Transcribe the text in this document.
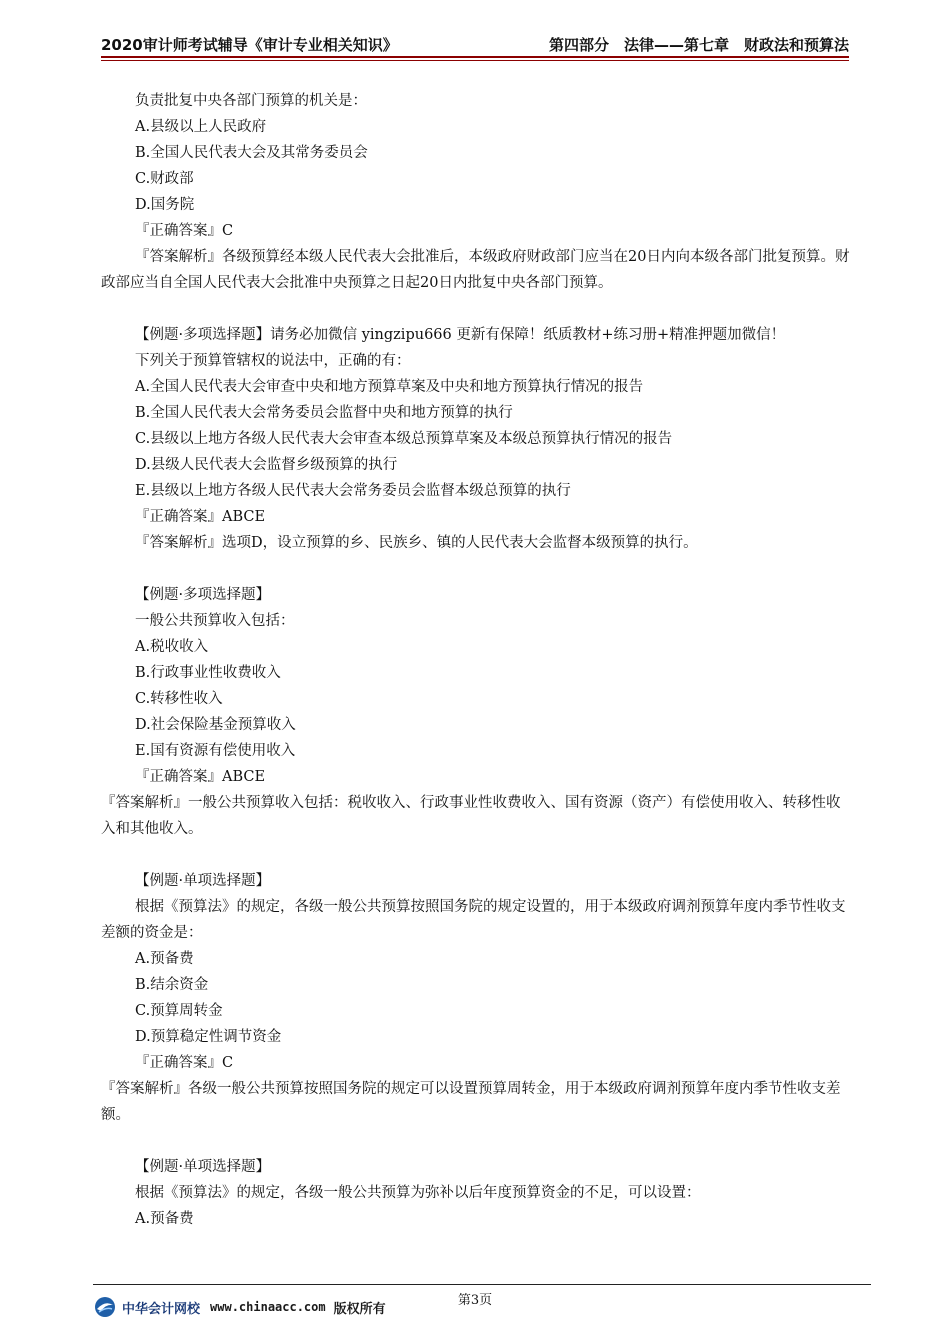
2020审计师考试辅导《审计专业相关知识》	第四部分　法律——第七章　财政法和预算法

负责批复中央各部门预算的机关是：

A.县级以上人民政府

B.全国人民代表大会及其常务委员会

C.财政部

D.国务院

『正确答案』C

『答案解析』各级预算经本级人民代表大会批准后，本级政府财政部门应当在20日内向本级各部门批复预算。财政部应当自全国人民代表大会批准中央预算之日起20日内批复中央各部门预算。

【例题·多项选择题】请务必加微信 yingzipu666 更新有保障！纸质教材+练习册+精准押题加微信！

下列关于预算管辖权的说法中，正确的有：

A.全国人民代表大会审查中央和地方预算草案及中央和地方预算执行情况的报告

B.全国人民代表大会常务委员会监督中央和地方预算的执行

C.县级以上地方各级人民代表大会审查本级总预算草案及本级总预算执行情况的报告

D.县级人民代表大会监督乡级预算的执行

E.县级以上地方各级人民代表大会常务委员会监督本级总预算的执行

『正确答案』ABCE

『答案解析』选项D，设立预算的乡、民族乡、镇的人民代表大会监督本级预算的执行。

【例题·多项选择题】

一般公共预算收入包括：

A.税收收入

B.行政事业性收费收入

C.转移性收入

D.社会保险基金预算收入

E.国有资源有偿使用收入

『正确答案』ABCE

『答案解析』一般公共预算收入包括：税收收入、行政事业性收费收入、国有资源（资产）有偿使用收入、转移性收入和其他收入。

【例题·单项选择题】

根据《预算法》的规定，各级一般公共预算按照国务院的规定设置的，用于本级政府调剂预算年度内季节性收支差额的资金是：

A.预备费

B.结余资金

C.预算周转金

D.预算稳定性调节资金

『正确答案』C

『答案解析』各级一般公共预算按照国务院的规定可以设置预算周转金，用于本级政府调剂预算年度内季节性收支差额。

【例题·单项选择题】

根据《预算法》的规定，各级一般公共预算为弥补以后年度预算资金的不足，可以设置：

A.预备费

第3页
中华会计网校 www.chinaacc.com 版权所有
